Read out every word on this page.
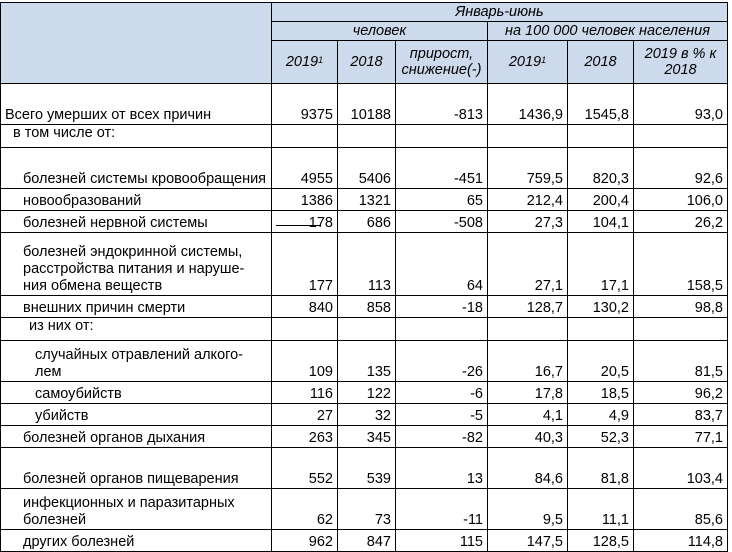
	Январь-июнь					
	человек			на 100 000 человек населения		
	2019$^1$	2018	прирост, снижение(-)	2019$^1$	2018	2019 в % к 2018
Всего умерших от всех причин	9375	10188	-813	1436,9	1545,8	93,0
в том числе от:						
болезней системы кровообращения	4955	5406	-451	759,5	820,3	92,6
новообразований	1386	1321	65	212,4	200,4	106,0
болезней нервной системы	178	686	-508	27,3	104,1	26,2
болезней эндокринной системы, расстройства питания и наруше-ния обмена веществ	177	113	64	27,1	17,1	158,5
внешних причин смерти	840	858	-18	128,7	130,2	98,8
из них от:						
случайных отравлений алкого-лем	109	135	-26	16,7	20,5	81,5
самоубийств	116	122	-6	17,8	18,5	96,2
убийств	27	32	-5	4,1	4,9	83,7
болезней органов дыхания	263	345	-82	40,3	52,3	77,1
болезней органов пищеварения	552	539	13	84,6	81,8	103,4
инфекционных и паразитарных болезней	62	73	-11	9,5	11,1	85,6
других болезней	962	847	115	147,5	128,5	114,8
